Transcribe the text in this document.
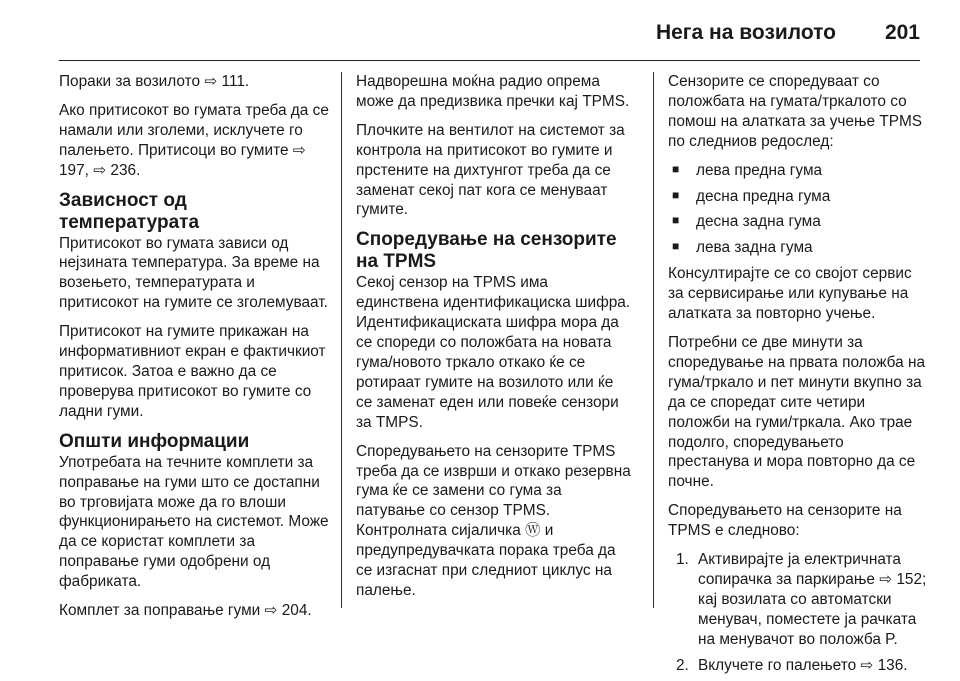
Нега на возилото 201

Пораки за возилото ⇨ 111.

Ако притисокот во гумата треба да се намали или зголеми, исклучете го палењето. Притисоци во гумите ⇨ 197, ⇨ 236.

Зависност од температурата

Притисокот во гумата зависи од нејзината температура. За време на возењето, температурата и притисокот на гумите се зголемуваат.

Притисокот на гумите прикажан на информативниот екран е фактичкиот притисок. Затоа е важно да се проверува притисокот во гумите со ладни гуми.

Општи информации

Употребата на течните комплети за поправање на гуми што се достапни во трговијата може да го влоши функционирањето на системот. Може да се користат комплети за поправање гуми одобрени од фабриката.

Комплет за поправање гуми ⇨ 204.

Надворешна моќна радио опрема може да предизвика пречки кај TPMS.

Плочките на вентилот на системот за контрола на притисокот во гумите и прстените на дихтунгот треба да се заменат секој пат кога се менуваат гумите.

Споредување на сензорите на TPMS

Секој сензор на TPMS има единствена идентификациска шифра. Идентификациската шифра мора да се спореди со положбата на новата гума/новото тркало откако ќе се ротираат гумите на возилото или ќе се заменат еден или повеќе сензори за TMPS.

Споредувањето на сензорите TPMS треба да се изврши и откако резервна гума ќе се замени со гума за патување со сензор TPMS. Контролната сијаличка Ⓦ и предупредувачката порака треба да се изгаснат при следниот циклус на палење.

Сензорите се споредуваат со положбата на гумата/тркалото со помош на алатката за учење TPMS по следниов редослед:

■ лева предна гума
■ десна предна гума
■ десна задна гума
■ лева задна гума

Консултирајте се со својот сервис за сервисирање или купување на алатката за повторно учење.

Потребни се две минути за споредување на првата положба на гума/тркало и пет минути вкупно за да се споредат сите четири положби на гуми/тркала. Ако трае подолго, споредувањето престанува и мора повторно да се почне.

Споредувањето на сензорите на TPMS е следново:

1. Активирајте ја електричната сопирачка за паркирање ⇨ 152; кај возилата со автоматски менувач, поместете ја рачката на менувачот во положба P.
2. Вклучете го палењето ⇨ 136.
